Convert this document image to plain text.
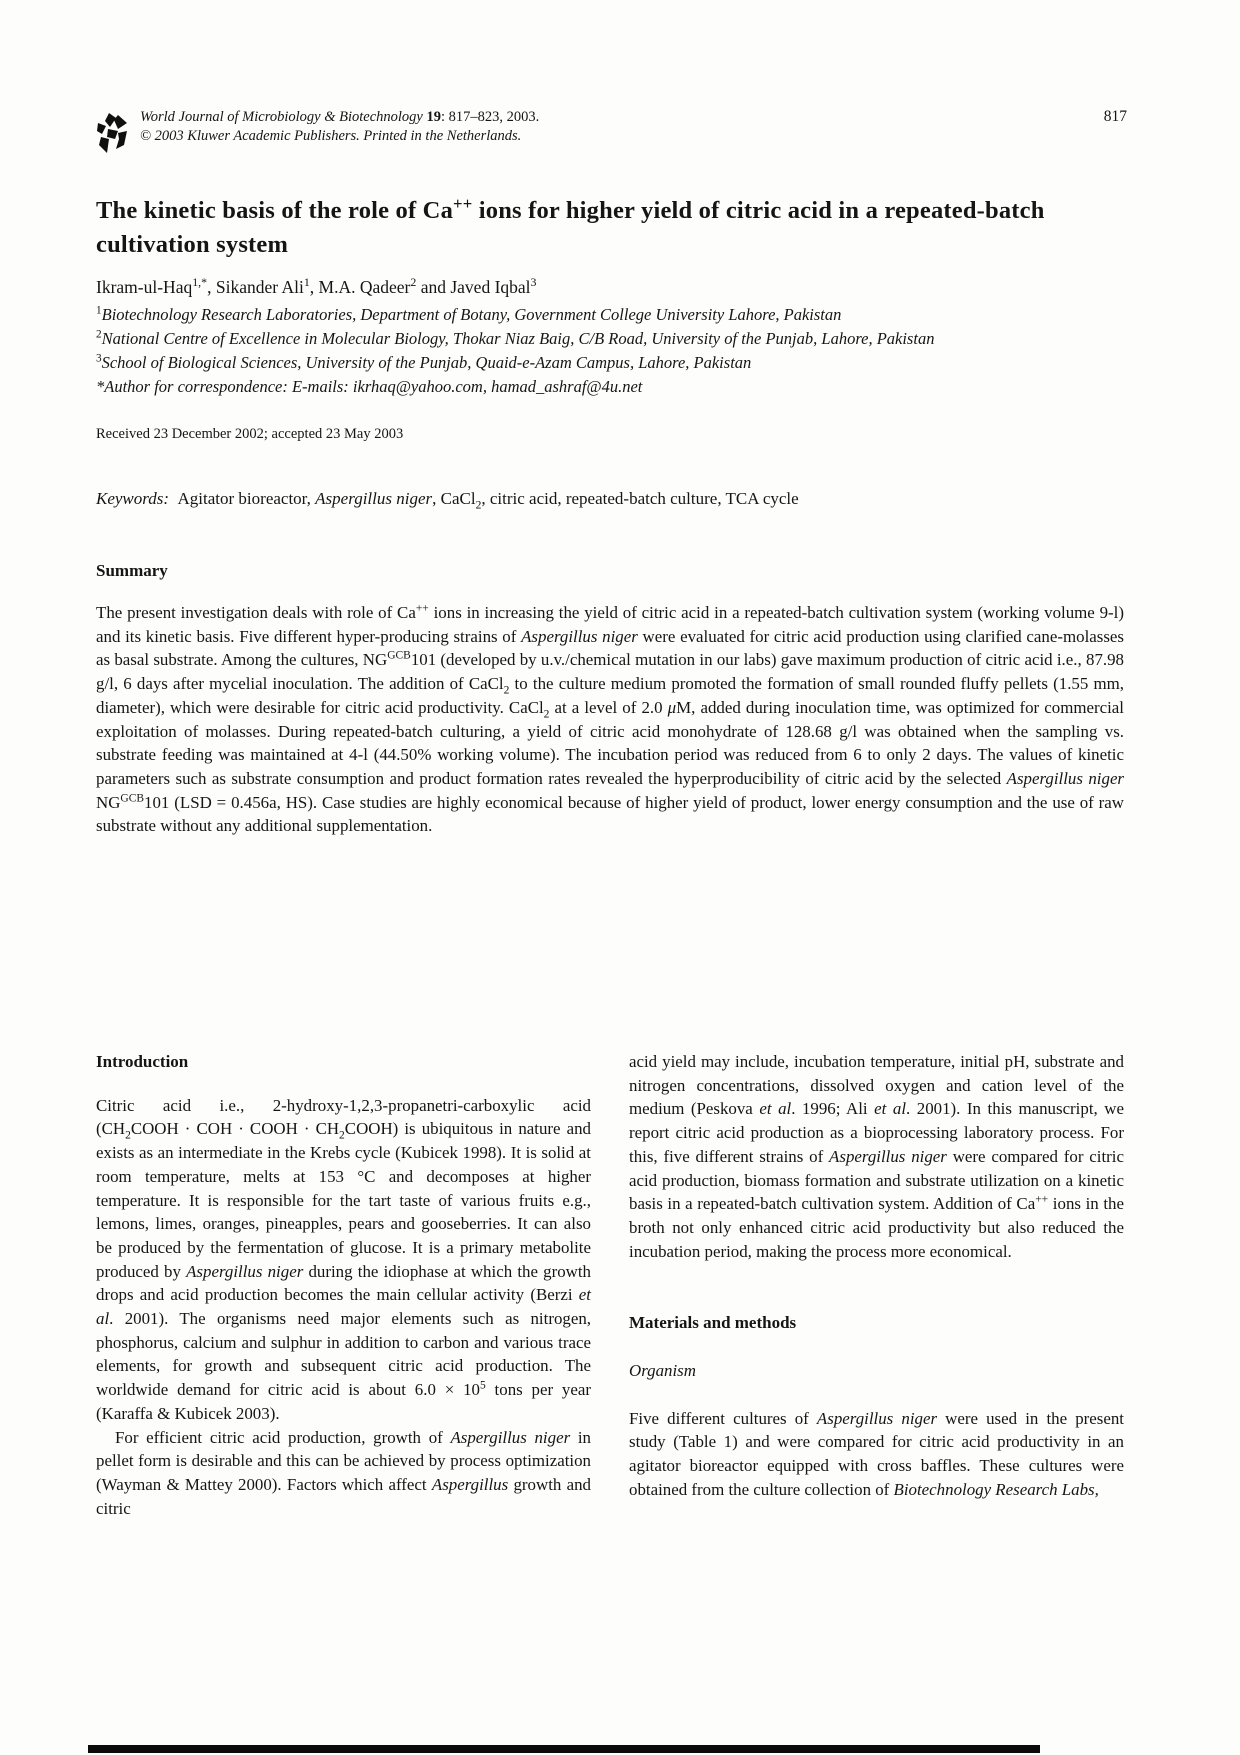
World Journal of Microbiology & Biotechnology 19: 817–823, 2003.
© 2003 Kluwer Academic Publishers. Printed in the Netherlands.
817
The kinetic basis of the role of Ca++ ions for higher yield of citric acid in a repeated-batch cultivation system
Ikram-ul-Haq$^{1,*}$, Sikander Ali$^1$, M.A. Qadeer$^2$ and Javed Iqbal$^3$
$^1$Biotechnology Research Laboratories, Department of Botany, Government College University Lahore, Pakistan
$^2$National Centre of Excellence in Molecular Biology, Thokar Niaz Baig, C/B Road, University of the Punjab, Lahore, Pakistan
$^3$School of Biological Sciences, University of the Punjab, Quaid-e-Azam Campus, Lahore, Pakistan
*Author for correspondence: E-mails: ikrhaq@yahoo.com, hamad_ashraf@4u.net
Received 23 December 2002; accepted 23 May 2003
Keywords: Agitator bioreactor, Aspergillus niger, CaCl$_2$, citric acid, repeated-batch culture, TCA cycle
Summary

The present investigation deals with role of Ca++ ions in increasing the yield of citric acid in a repeated-batch cultivation system (working volume 9-l) and its kinetic basis. Five different hyper-producing strains of Aspergillus niger were evaluated for citric acid production using clarified cane-molasses as basal substrate. Among the cultures, $NG^{GCB}101$ (developed by u.v./chemical mutation in our labs) gave maximum production of citric acid i.e., 87.98 g/l, 6 days after mycelial inoculation. The addition of CaCl$_2$ to the culture medium promoted the formation of small rounded fluffy pellets (1.55 mm, diameter), which were desirable for citric acid productivity. CaCl$_2$ at a level of 2.0 μM, added during inoculation time, was optimized for commercial exploitation of molasses. During repeated-batch culturing, a yield of citric acid monohydrate of 128.68 g/l was obtained when the sampling vs. substrate feeding was maintained at 4-l (44.50% working volume). The incubation period was reduced from 6 to only 2 days. The values of kinetic parameters such as substrate consumption and product formation rates revealed the hyperproducibility of citric acid by the selected Aspergillus niger $NG^{GCB}101$ (LSD = 0.456a, HS). Case studies are highly economical because of higher yield of product, lower energy consumption and the use of raw substrate without any additional supplementation.

Introduction

Citric acid i.e., 2-hydroxy-1,2,3-propanetri-carboxylic acid ($CH_2COOH$ · COH · COOH · $CH_2COOH$) is ubiquitous in nature and exists as an intermediate in the Krebs cycle (Kubicek 1998). It is solid at room temperature, melts at 153 °C and decomposes at higher temperature. It is responsible for the tart taste of various fruits e.g., lemons, limes, oranges, pineapples, pears and gooseberries. It can also be produced by the fermentation of glucose. It is a primary metabolite produced by Aspergillus niger during the idiophase at which the growth drops and acid production becomes the main cellular activity (Berzi et al. 2001). The organisms need major elements such as nitrogen, phosphorus, calcium and sulphur in addition to carbon and various trace elements, for growth and subsequent citric acid production. The worldwide demand for citric acid is about $6.0 \times 10^5$ tons per year (Karaffa & Kubicek 2003).

For efficient citric acid production, growth of Aspergillus niger in pellet form is desirable and this can be achieved by process optimization (Wayman & Mattey 2000). Factors which affect Aspergillus growth and citric

acid yield may include, incubation temperature, initial pH, substrate and nitrogen concentrations, dissolved oxygen and cation level of the medium (Peskova et al. 1996; Ali et al. 2001). In this manuscript, we report citric acid production as a bioprocessing laboratory process. For this, five different strains of Aspergillus niger were compared for citric acid production, biomass formation and substrate utilization on a kinetic basis in a repeated-batch cultivation system. Addition of Ca++ ions in the broth not only enhanced citric acid productivity but also reduced the incubation period, making the process more economical.

Materials and methods
Organism

Five different cultures of Aspergillus niger were used in the present study (Table 1) and were compared for citric acid productivity in an agitator bioreactor equipped with cross baffles. These cultures were obtained from the culture collection of Biotechnology Research Labs,
